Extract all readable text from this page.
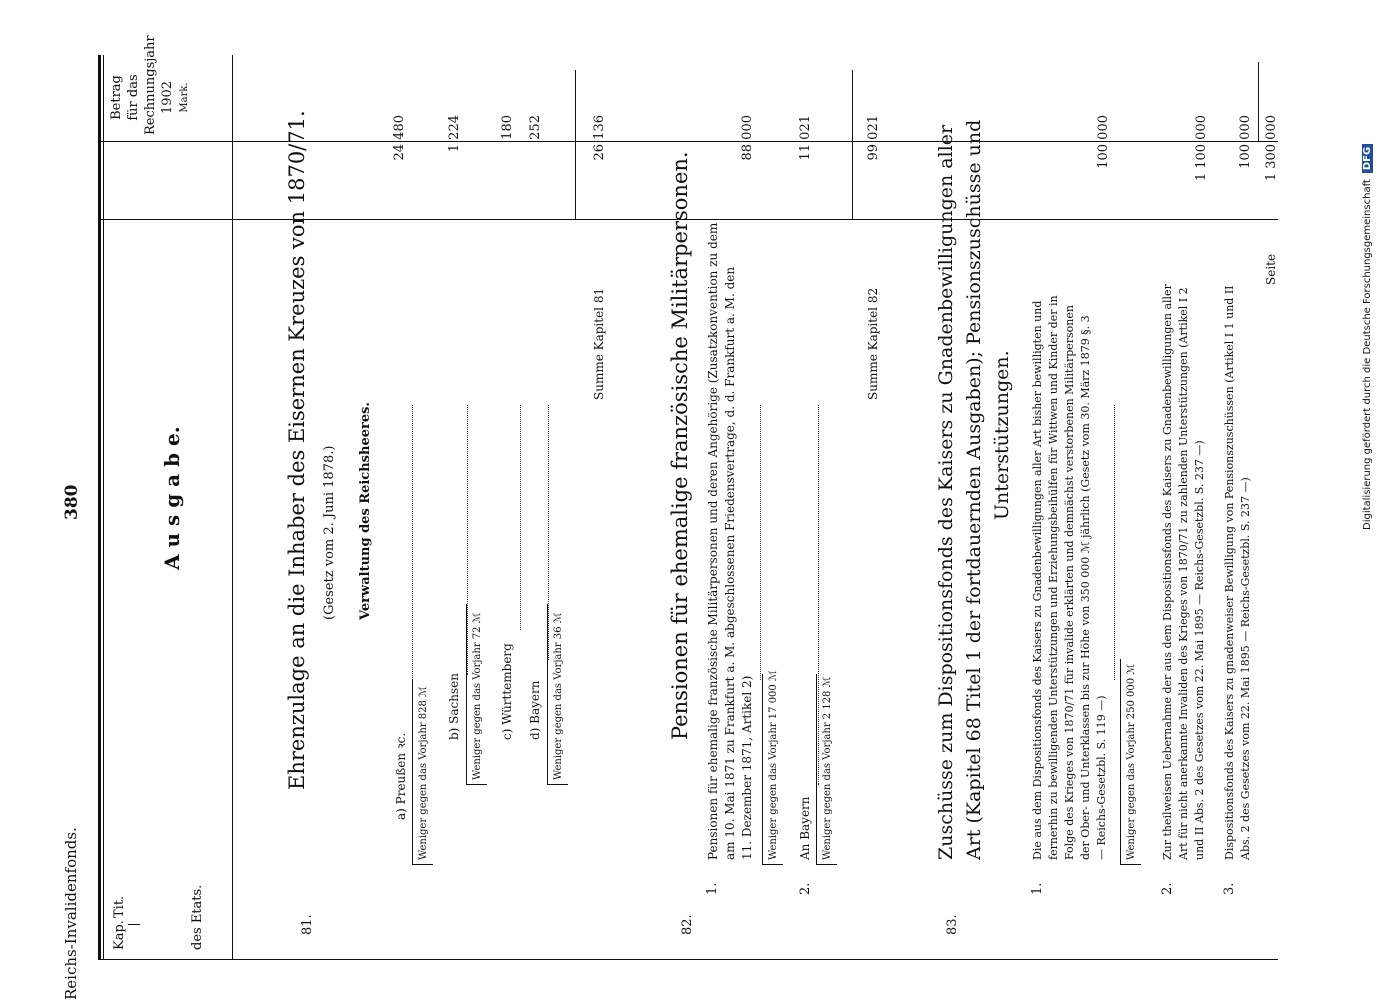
Reichs-Invalidenfonds.
380
Kap.
Tit.	des Etats.
Betrag für das Rechnungsjahr 1902 Mark.
A u s g a b e.
81.
Ehrenzulage an die Inhaber des Eisernen Kreuzes von 1870/71. (Gesetz vom 2. Juni 1878.) Verwaltung des Reichsheeres.
a) Preußen ꝛc.
24 480
Weniger gegen das Vorjahr 828 ℳ b) Sachsen
1 224
Weniger gegen das Vorjahr 72 ℳ c) Württemberg
180
d) Bayern
252
Weniger gegen das Vorjahr 36 ℳ
Summe Kapitel 81
26 136
82.
Pensionen für ehemalige französische Militärpersonen.
1.
Pensionen für ehemalige französische Militärpersonen und deren Angehörige (Zusatzkonvention zu dem am 10. Mai 1871 zu Frankfurt a. M. abgeschlossenen Friedensvertrage, d. d. Frankfurt a. M. den 11. Dezember 1871, Artikel 2)
88 000
Weniger gegen das Vorjahr 17 000 ℳ
2.
An Bayern
11 021
Weniger gegen das Vorjahr 2 128 ℳ
Summe Kapitel 82
99 021
83.
Zuschüsse zum Dispositionsfonds des Kaisers zu Gnadenbewilligungen aller Art (Kapitel 68 Titel 1 der fortdauernden Ausgaben); Pensionszuschüsse und Unterstützungen.
1.
Die aus dem Dispositionsfonds des Kaisers zu Gnadenbewilligungen aller Art bisher bewilligten und fernerhin zu bewilligenden Unterstützungen und Erziehungsbeihülfen für Wittwen und Kinder der in Folge des Krieges von 1870/71 für invalide erklärten und demnächst verstorbenen Militärpersonen der Ober- und Unterklassen bis zur Höhe von 350 000 ℳ jährlich (Gesetz vom 30. März 1879 §. 3 — Reichs-Gesetzbl. S. 119 —)
100 000
Weniger gegen das Vorjahr 250 000 ℳ
2.
Zur theilweisen Uebernahme der aus dem Dispositionsfonds des Kaisers zu Gnadenbewilligungen aller Art für nicht anerkannte Invaliden des Krieges von 1870/71 zu zahlenden Unterstützungen (Artikel I 2 und II Abs. 2 des Gesetzes vom 22. Mai 1895 — Reichs-Gesetzbl. S. 237 —)
1 100 000
3.
Dispositionsfonds des Kaisers zu gnadenweiser Bewilligung von Pensionszuschüssen (Artikel I 1 und II Abs. 2 des Gesetzes vom 22. Mai 1895 — Reichs-Gesetzbl. S. 237 —)
100 000
Seite
1 300 000
Digitalisierung gefördert durch die Deutsche ForschungsgemeinschaftDFG
